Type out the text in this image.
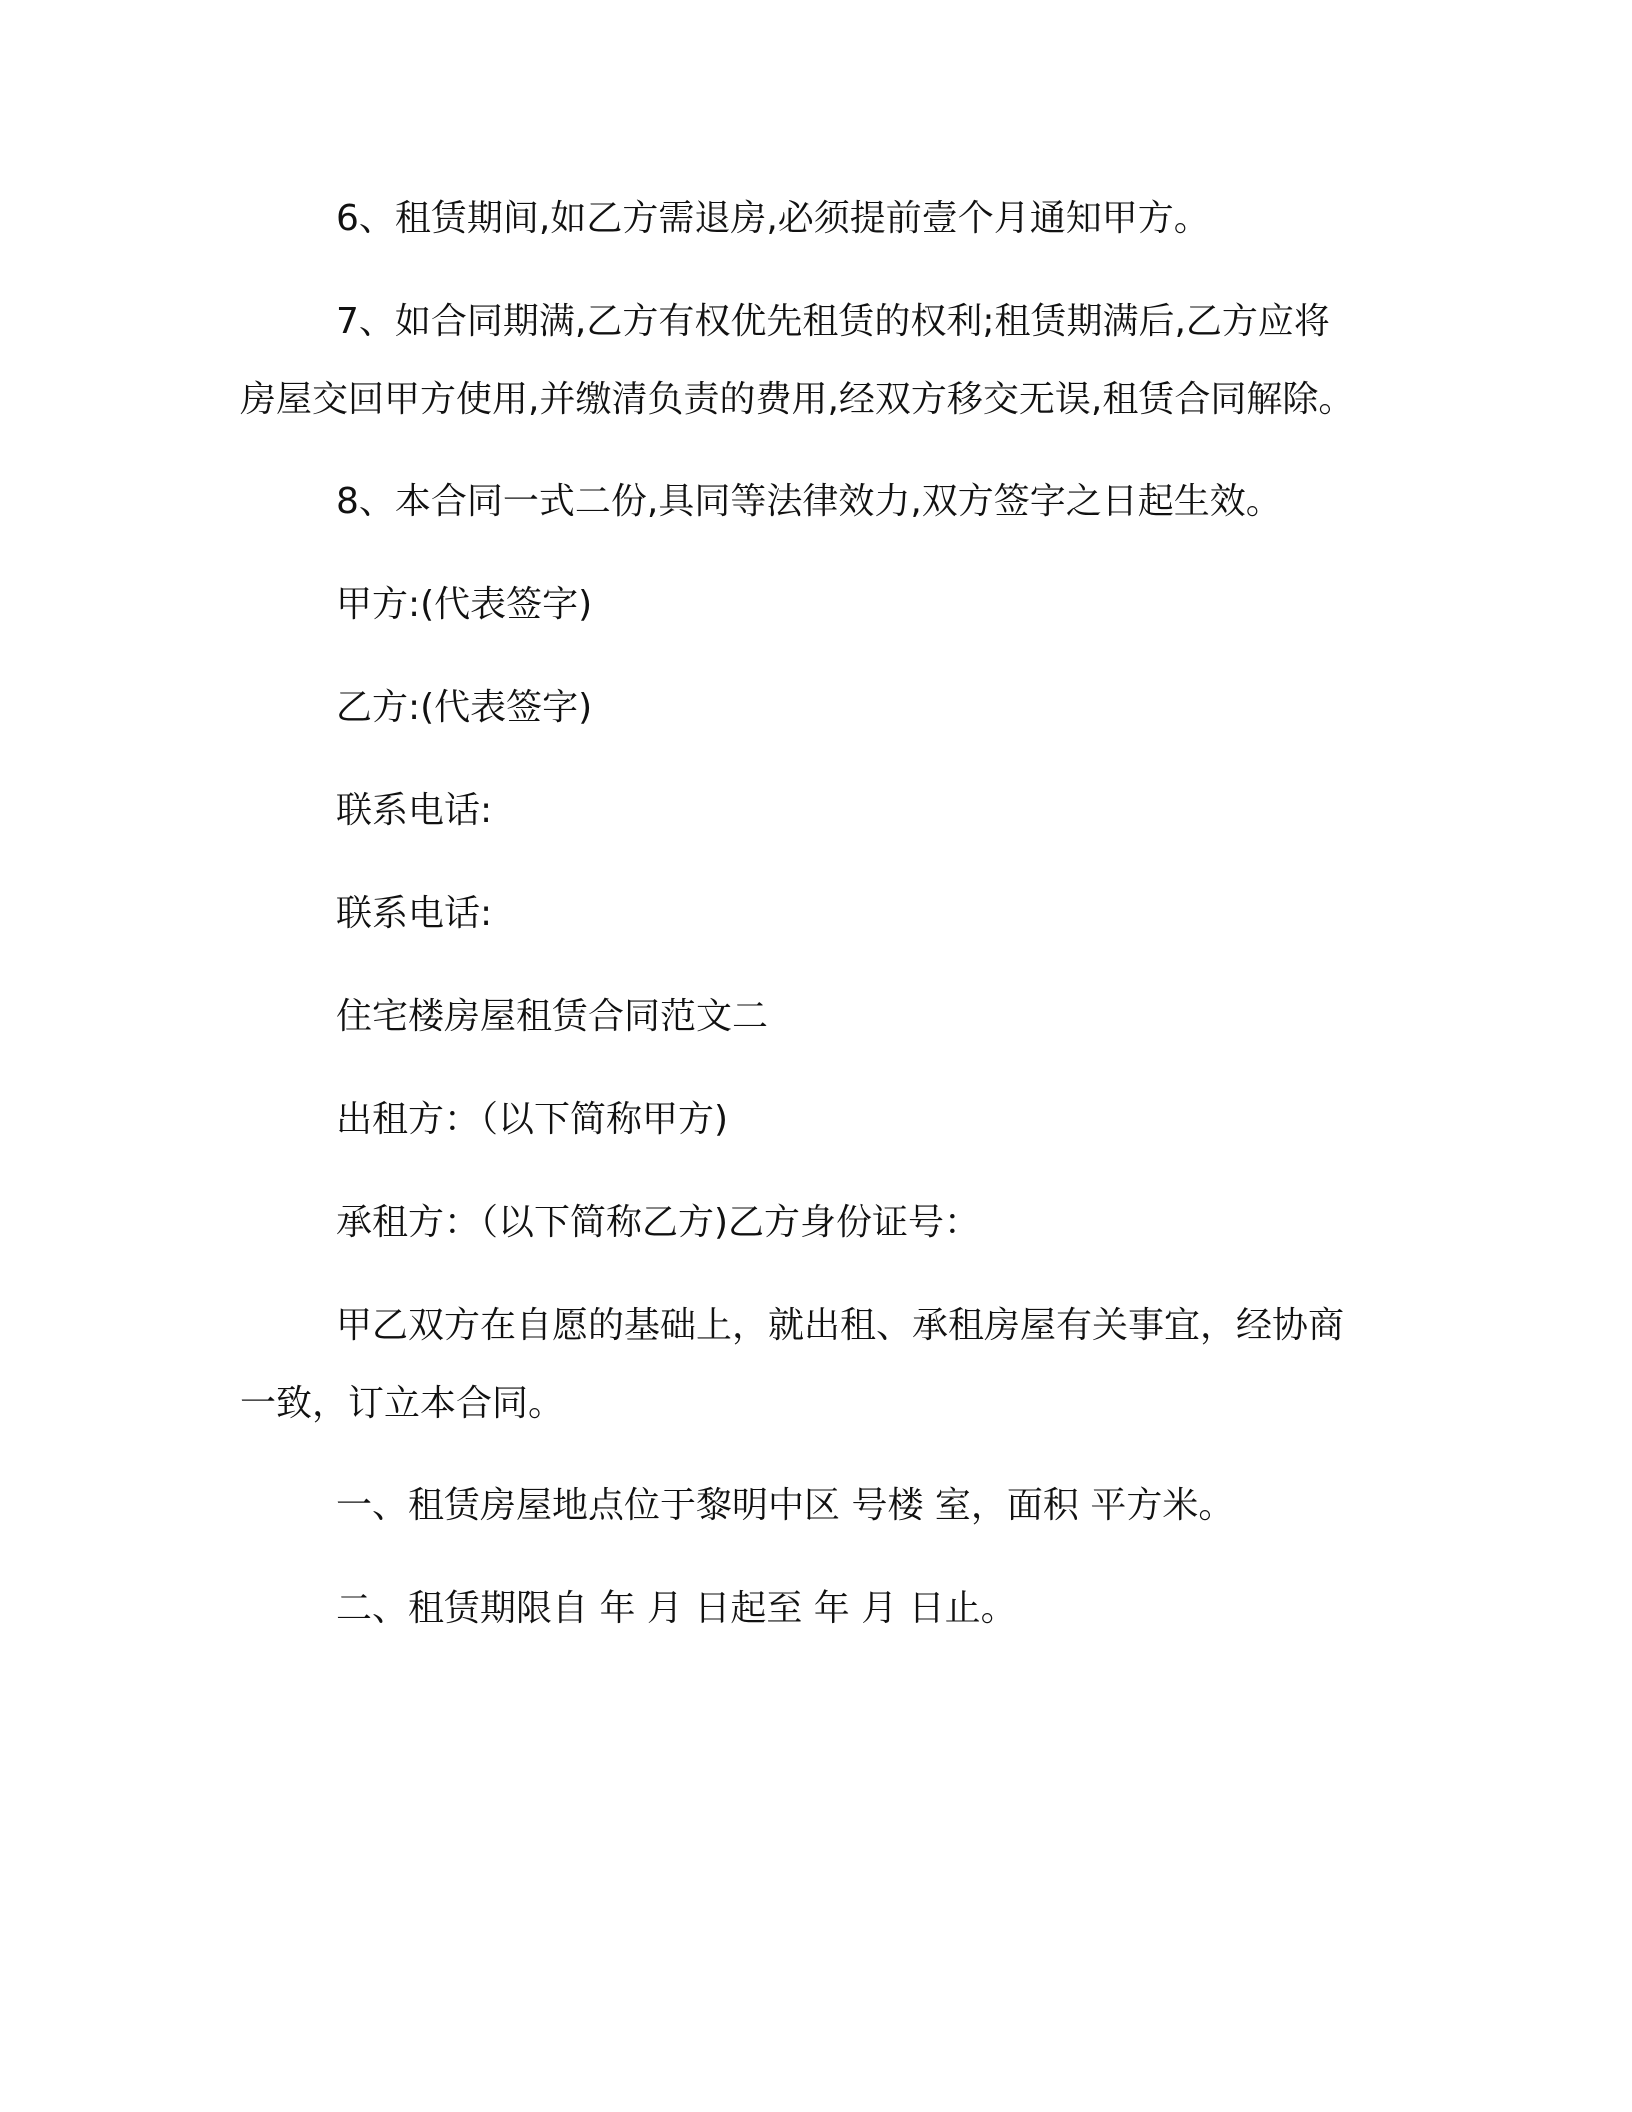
6、租赁期间,如乙方需退房,必须提前壹个月通知甲方。

7、如合同期满,乙方有权优先租赁的权利;租赁期满后,乙方应将
房屋交回甲方使用,并缴清负责的费用,经双方移交无误,租赁合同解除。

8、本合同一式二份,具同等法律效力,双方签字之日起生效。

甲方:(代表签字)

乙方:(代表签字)

联系电话:

联系电话:

住宅楼房屋租赁合同范文二

出租方：（以下简称甲方)

承租方：（以下简称乙方)乙方身份证号：

甲乙双方在自愿的基础上，就出租、承租房屋有关事宜，经协商
一致，订立本合同。

一、租赁房屋地点位于黎明中区 号楼 室，面积 平方米。

二、租赁期限自 年 月 日起至 年 月 日止。
